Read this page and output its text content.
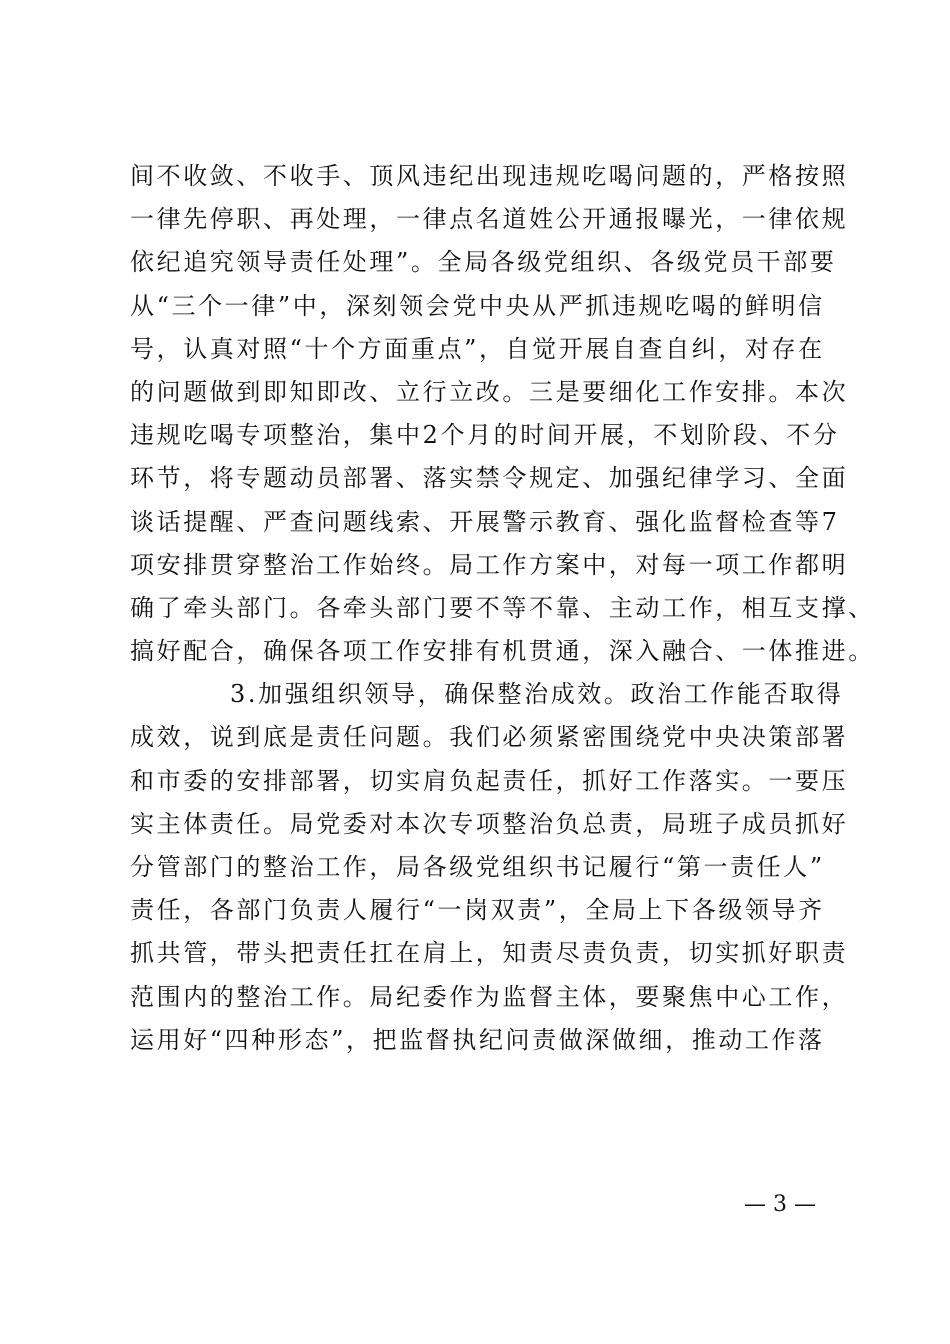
间不收敛、不收手、顶风违纪出现违规吃喝问题的，严格按照
一律先停职、再处理，一律点名道姓公开通报曝光，一律依规
依纪追究领导责任处理”。全局各级党组织、各级党员干部要
从“三个一律”中，深刻领会党中央从严抓违规吃喝的鲜明信
号，认真对照“十个方面重点”，自觉开展自查自纠，对存在
的问题做到即知即改、立行立改。三是要细化工作安排。本次
违规吃喝专项整治，集中2个月的时间开展，不划阶段、不分
环节，将专题动员部署、落实禁令规定、加强纪律学习、全面
谈话提醒、严查问题线索、开展警示教育、强化监督检查等7
项安排贯穿整治工作始终。局工作方案中，对每一项工作都明
确了牵头部门。各牵头部门要不等不靠、主动工作，相互支撑、
搞好配合，确保各项工作安排有机贯通，深入融合、一体推进。
3.加强组织领导，确保整治成效。政治工作能否取得
成效，说到底是责任问题。我们必须紧密围绕党中央决策部署
和市委的安排部署，切实肩负起责任，抓好工作落实。一要压
实主体责任。局党委对本次专项整治负总责，局班子成员抓好
分管部门的整治工作，局各级党组织书记履行“第一责任人”
责任，各部门负责人履行“一岗双责”，全局上下各级领导齐
抓共管，带头把责任扛在肩上，知责尽责负责，切实抓好职责
范围内的整治工作。局纪委作为监督主体，要聚焦中心工作，
运用好“四种形态”，把监督执纪问责做深做细，推动工作落
— 3 —
